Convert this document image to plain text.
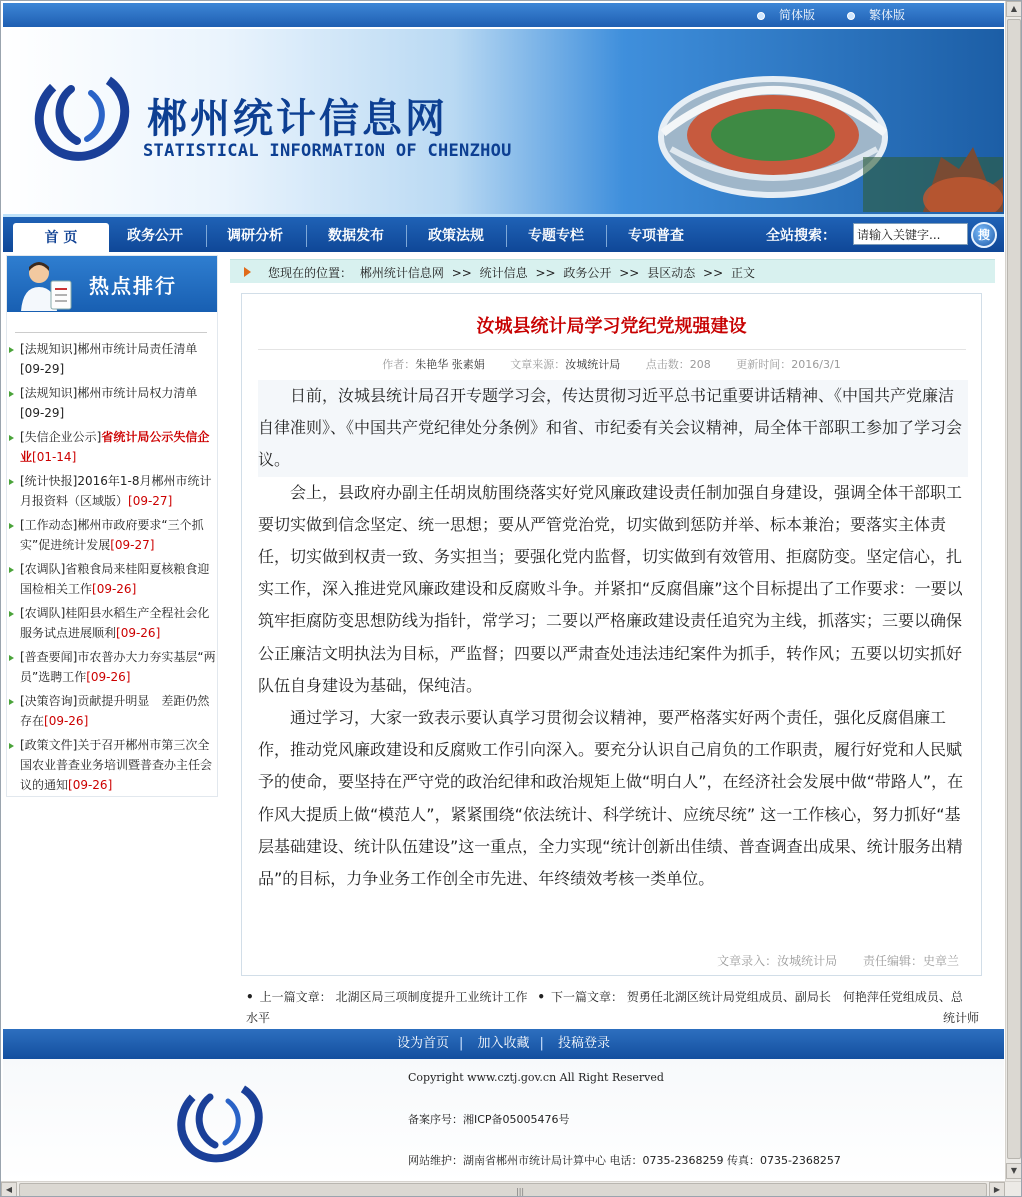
简体版	繁体版
郴州统计信息网
STATISTICAL INFORMATION OF CHENZHOU
首 页	政务公开	调研分析	数据发布	政策法规	专题专栏	专项普查	全站搜索：
请输入关键字...	搜
热点排行
[法规知识]郴州市统计局责任清单
[09-29]
[法规知识]郴州市统计局权力清单
[09-29]
[失信企业公示]省统计局公示失信企业[01-14]
[统计快报]2016年1-8月郴州市统计月报资料（区域版）[09-27]
[工作动态]郴州市政府要求“三个抓实”促进统计发展[09-27]
[农调队]省粮食局来桂阳夏核粮食迎国检相关工作[09-26]
[农调队]桂阳县水稻生产全程社会化服务试点进展顺利[09-26]
[普查要闻]市农普办大力夯实基层“两员”选聘工作[09-26]
[决策咨询]贡献提升明显　差距仍然存在[09-26]
[政策文件]关于召开郴州市第三次全国农业普查业务培训暨普查办主任会议的通知[09-26]
您现在的位置： 郴州统计信息网 >> 统计信息 >> 政务公开 >> 县区动态 >> 正文
汝城县统计局学习党纪党规强建设
作者：朱艳华 张素娟 文章来源：汝城统计局 点击数：208 更新时间：2016/3/1

日前，汝城县统计局召开专题学习会，传达贯彻习近平总书记重要讲话精神、《中国共产党廉洁自律准则》、《中国共产党纪律处分条例》和省、市纪委有关会议精神，局全体干部职工参加了学习会议。

会上，县政府办副主任胡岚舫围绕落实好党风廉政建设责任制加强自身建设，强调全体干部职工要切实做到信念坚定、统一思想；要从严管党治党，切实做到惩防并举、标本兼治；要落实主体责任，切实做到权责一致、务实担当；要强化党内监督，切实做到有效管用、拒腐防变。坚定信心，扎实工作，深入推进党风廉政建设和反腐败斗争。并紧扣“反腐倡廉”这个目标提出了工作要求：一要以筑牢拒腐防变思想防线为指针，常学习；二要以严格廉政建设责任追究为主线，抓落实；三要以确保公正廉洁文明执法为目标，严监督；四要以严肃查处违法违纪案件为抓手，转作风；五要以切实抓好队伍自身建设为基础，保纯洁。

通过学习，大家一致表示要认真学习贯彻会议精神，要严格落实好两个责任，强化反腐倡廉工作，推动党风廉政建设和反腐败工作引向深入。要充分认识自己肩负的工作职责，履行好党和人民赋予的使命，要坚持在严守党的政治纪律和政治规矩上做“明白人”，在经济社会发展中做“带路人”，在作风大提质上做“模范人”，紧紧围绕“依法统计、科学统计、应统尽统” 这一工作核心，努力抓好“基层基础建设、统计队伍建设”这一重点，全力实现“统计创新出佳绩、普查调查出成果、统计服务出精品”的目标，力争业务工作创全市先进、年终绩效考核一类单位。

文章录入：汝城统计局 责任编辑：史章兰
• 上一篇文章： 北湖区局三项制度提升工业统计工作 • 下一篇文章： 贺勇任北湖区统计局党组成员、副局长　何艳萍任党组成员、总
水平	统计师
设为首页 | 加入收藏 | 投稿登录
Copyright www.cztj.gov.cn All Right Reserved
备案序号：湘ICP备05005476号
网站维护：湖南省郴州市统计局计算中心 电话：0735-2368259 传真：0735-2368257
▲
▼
◀	|||	▶
